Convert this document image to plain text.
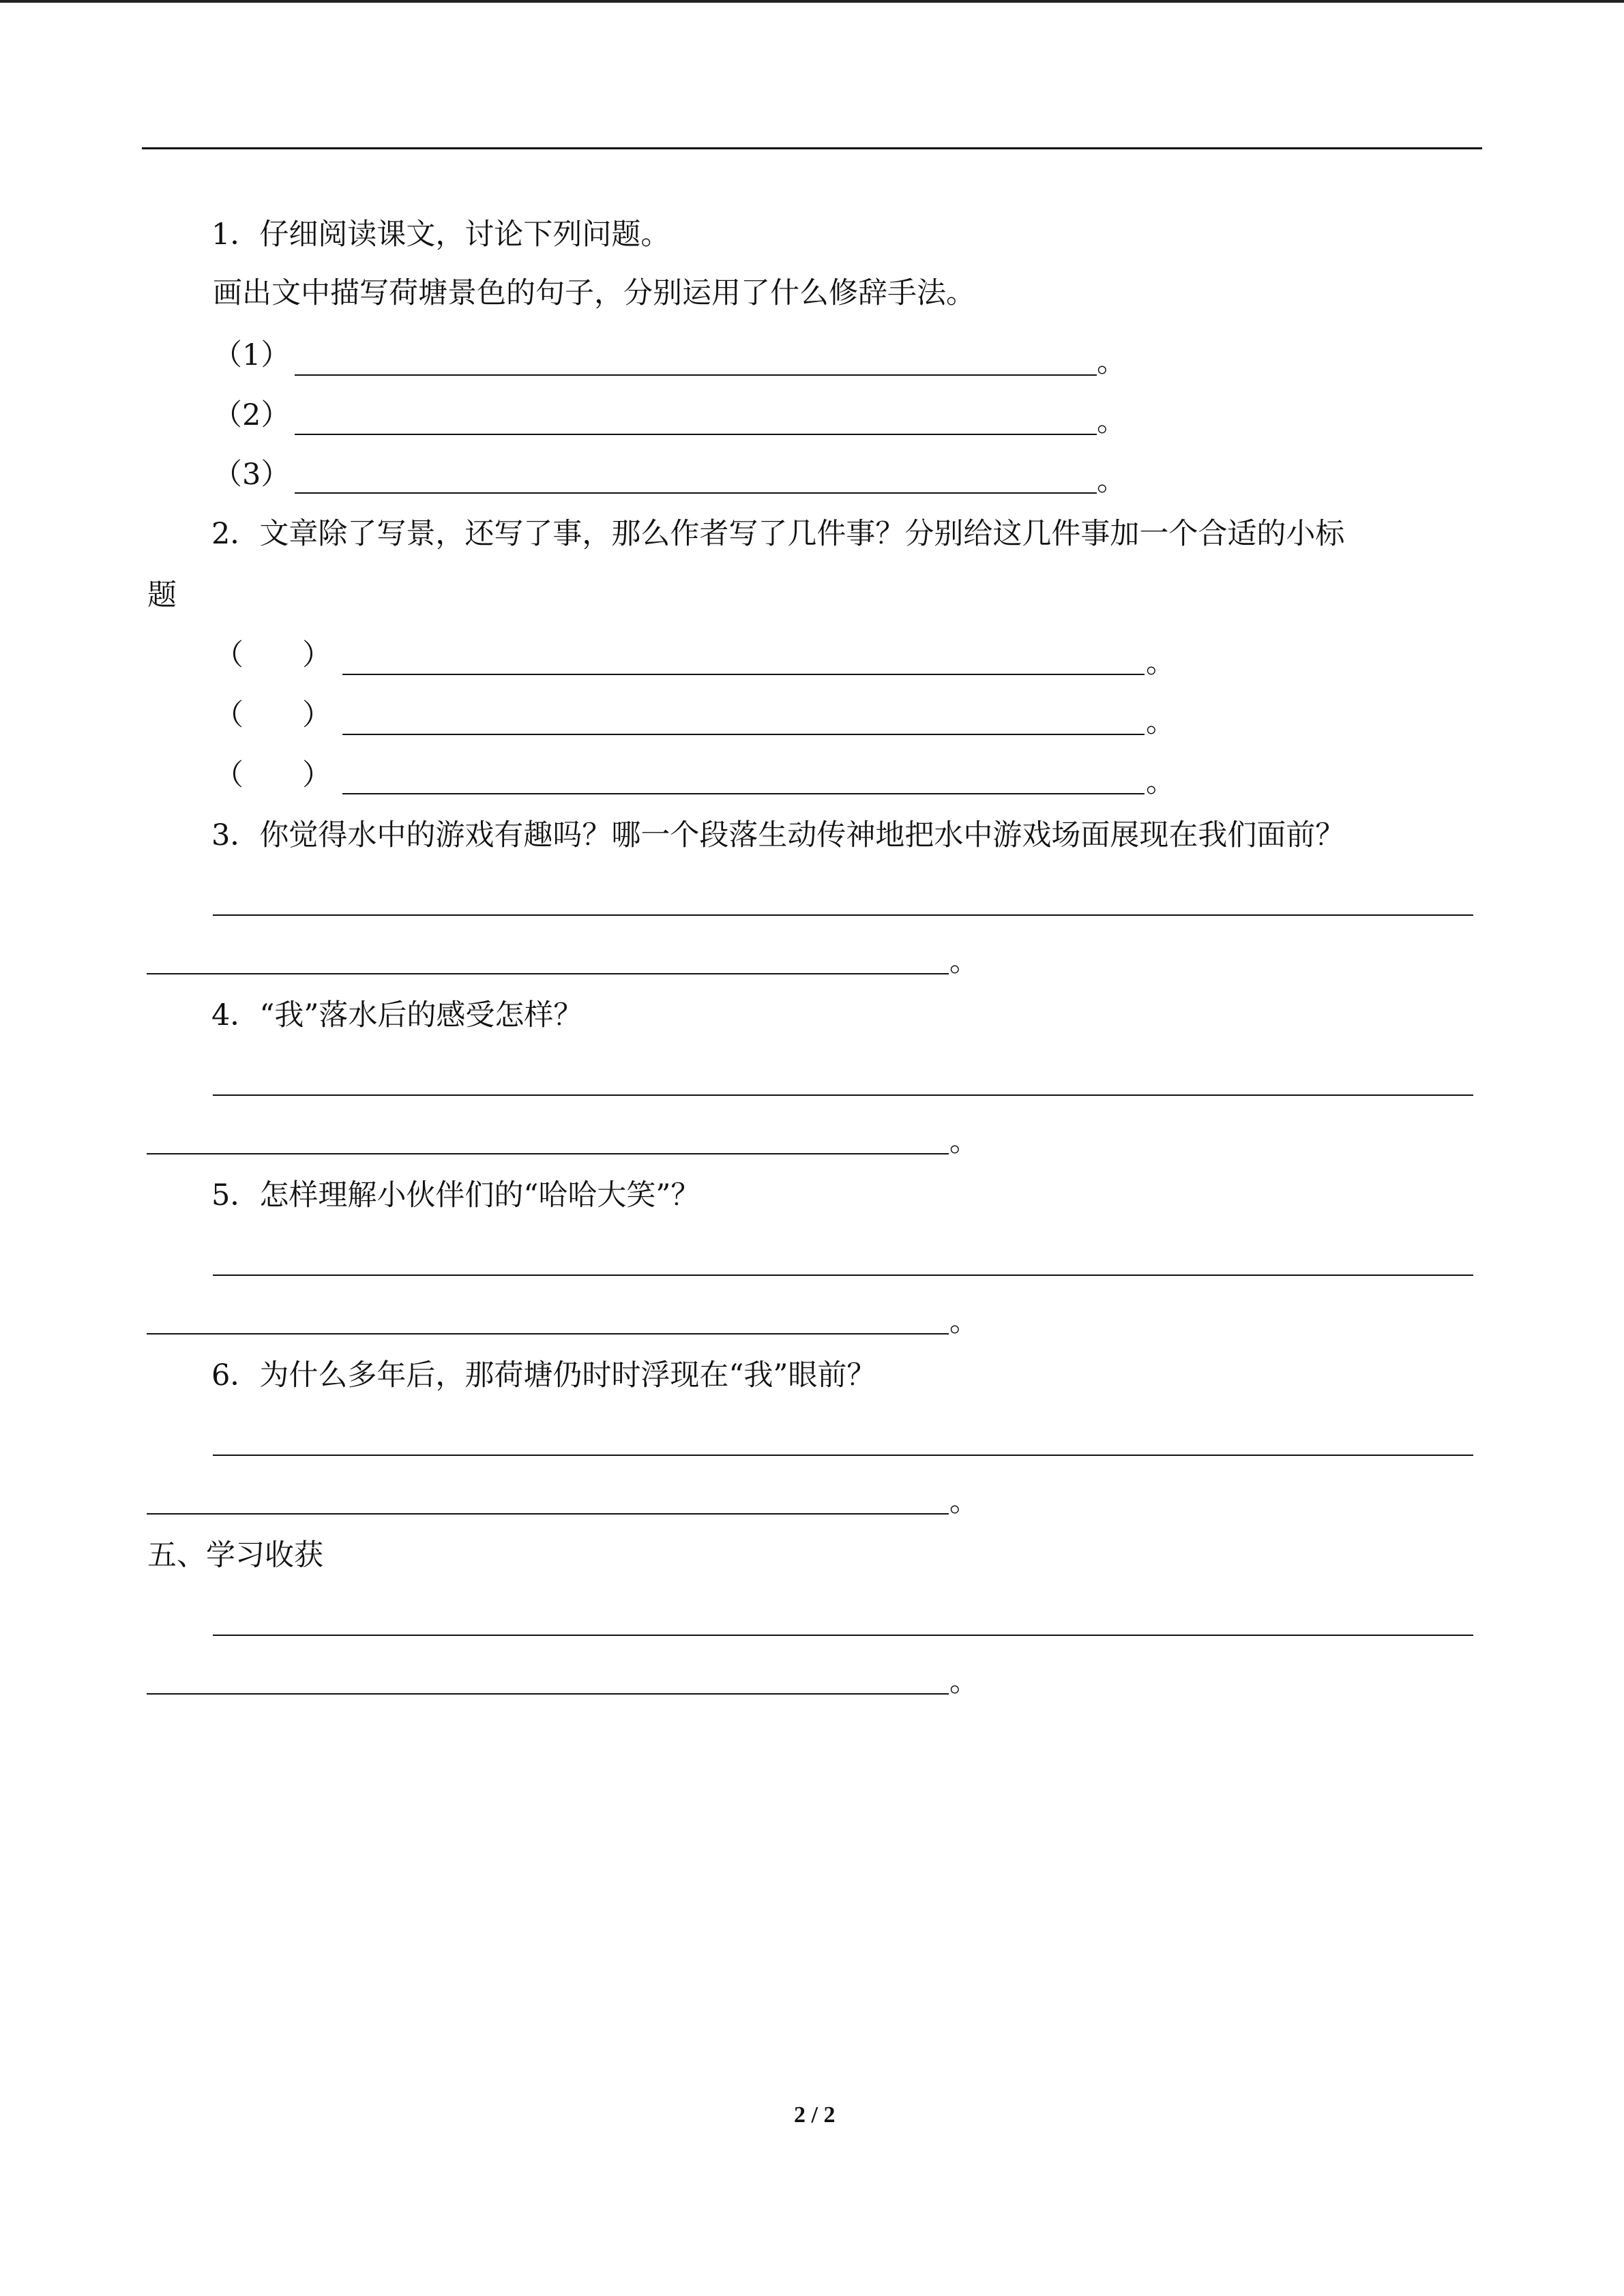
1．仔细阅读课文，讨论下列问题。
画出文中描写荷塘景色的句子，分别运用了什么修辞手法。
（1）	。
（2）	。
（3）	。
2．文章除了写景，还写了事，那么作者写了几件事？分别给这几件事加一个合适的小标
题
（　　）	。
（　　）	。
（　　）	。
3．你觉得水中的游戏有趣吗？哪一个段落生动传神地把水中游戏场面展现在我们面前？
。
4．“我”落水后的感受怎样？
。
5．怎样理解小伙伴们的“哈哈大笑”？
。
6．为什么多年后，那荷塘仍时时浮现在“我”眼前？
。
五、学习收获
。
2 / 2
